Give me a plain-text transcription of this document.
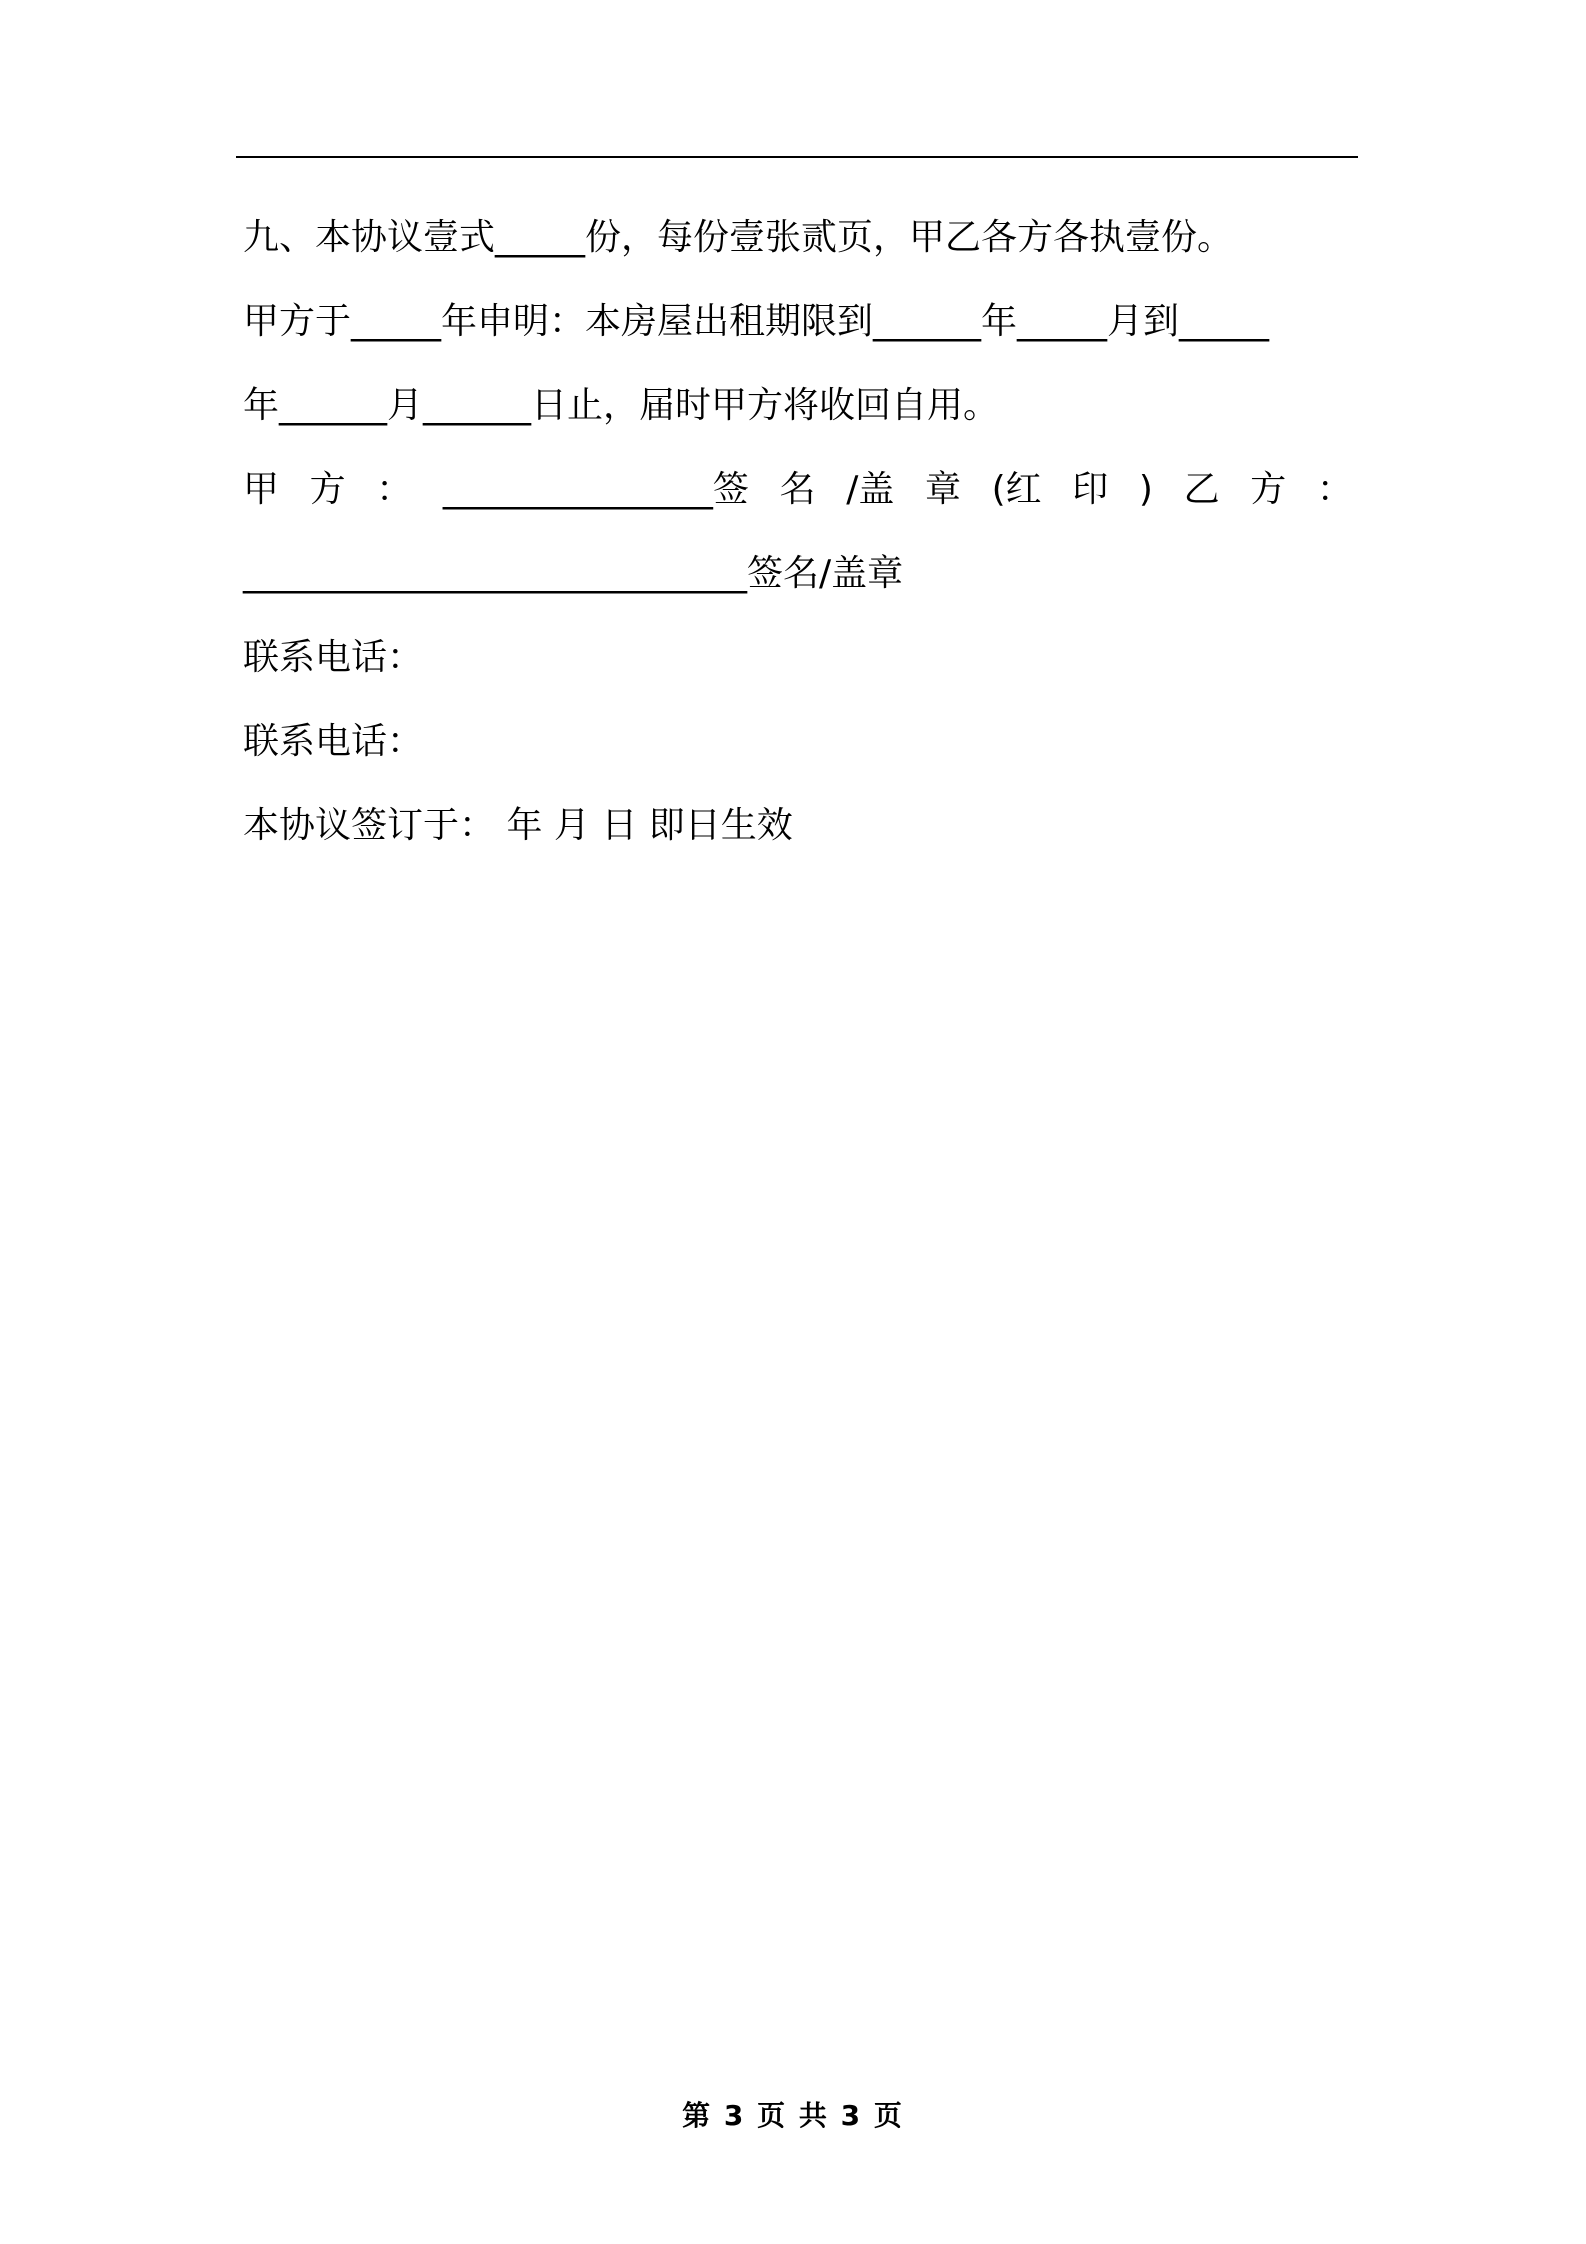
九、本协议壹式_____份，每份壹张贰页，甲乙各方各执壹份。

甲方于_____年申明：本房屋出租期限到______年_____月到_____

年______月______日止，届时甲方将收回自用。

甲 方 ： _______________签 名 /盖 章 (红 印 ) 乙 方 ：

____________________________签名/盖章

联系电话：

联系电话：

本协议签订于： 年 月 日 即日生效

第 3 页 共 3 页
